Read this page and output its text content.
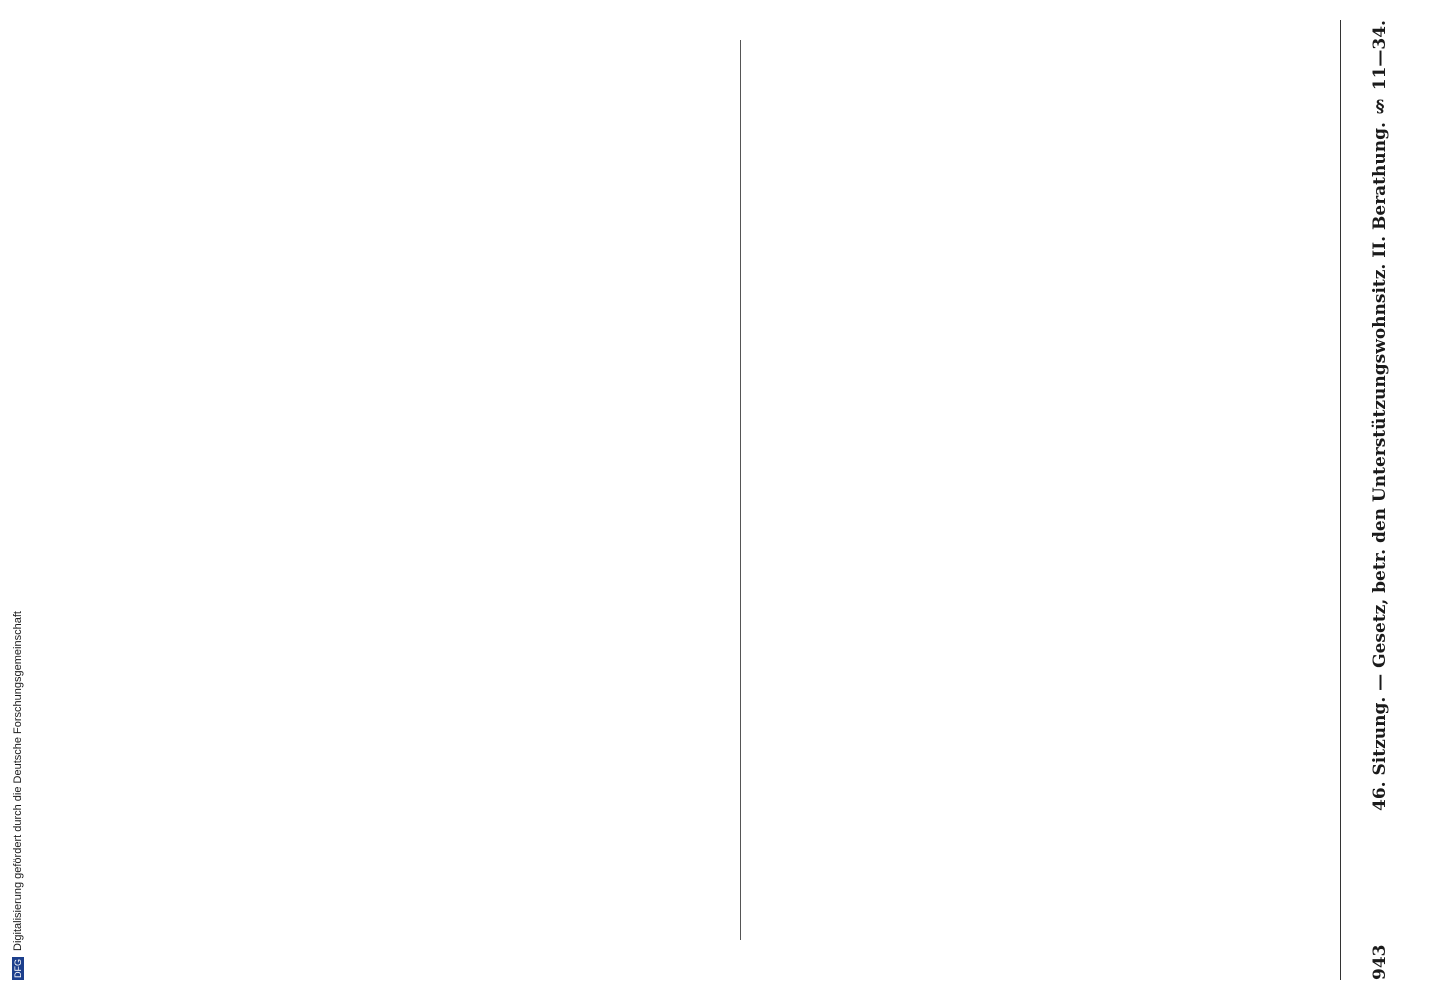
DFG
Digitalisierung gefördert durch die Deutsche Forschungsgemeinschaft
943
46. Sitzung. — Gesetz, betr. den Unterstützungswohnsitz. II. Berathung. § 11—34.
